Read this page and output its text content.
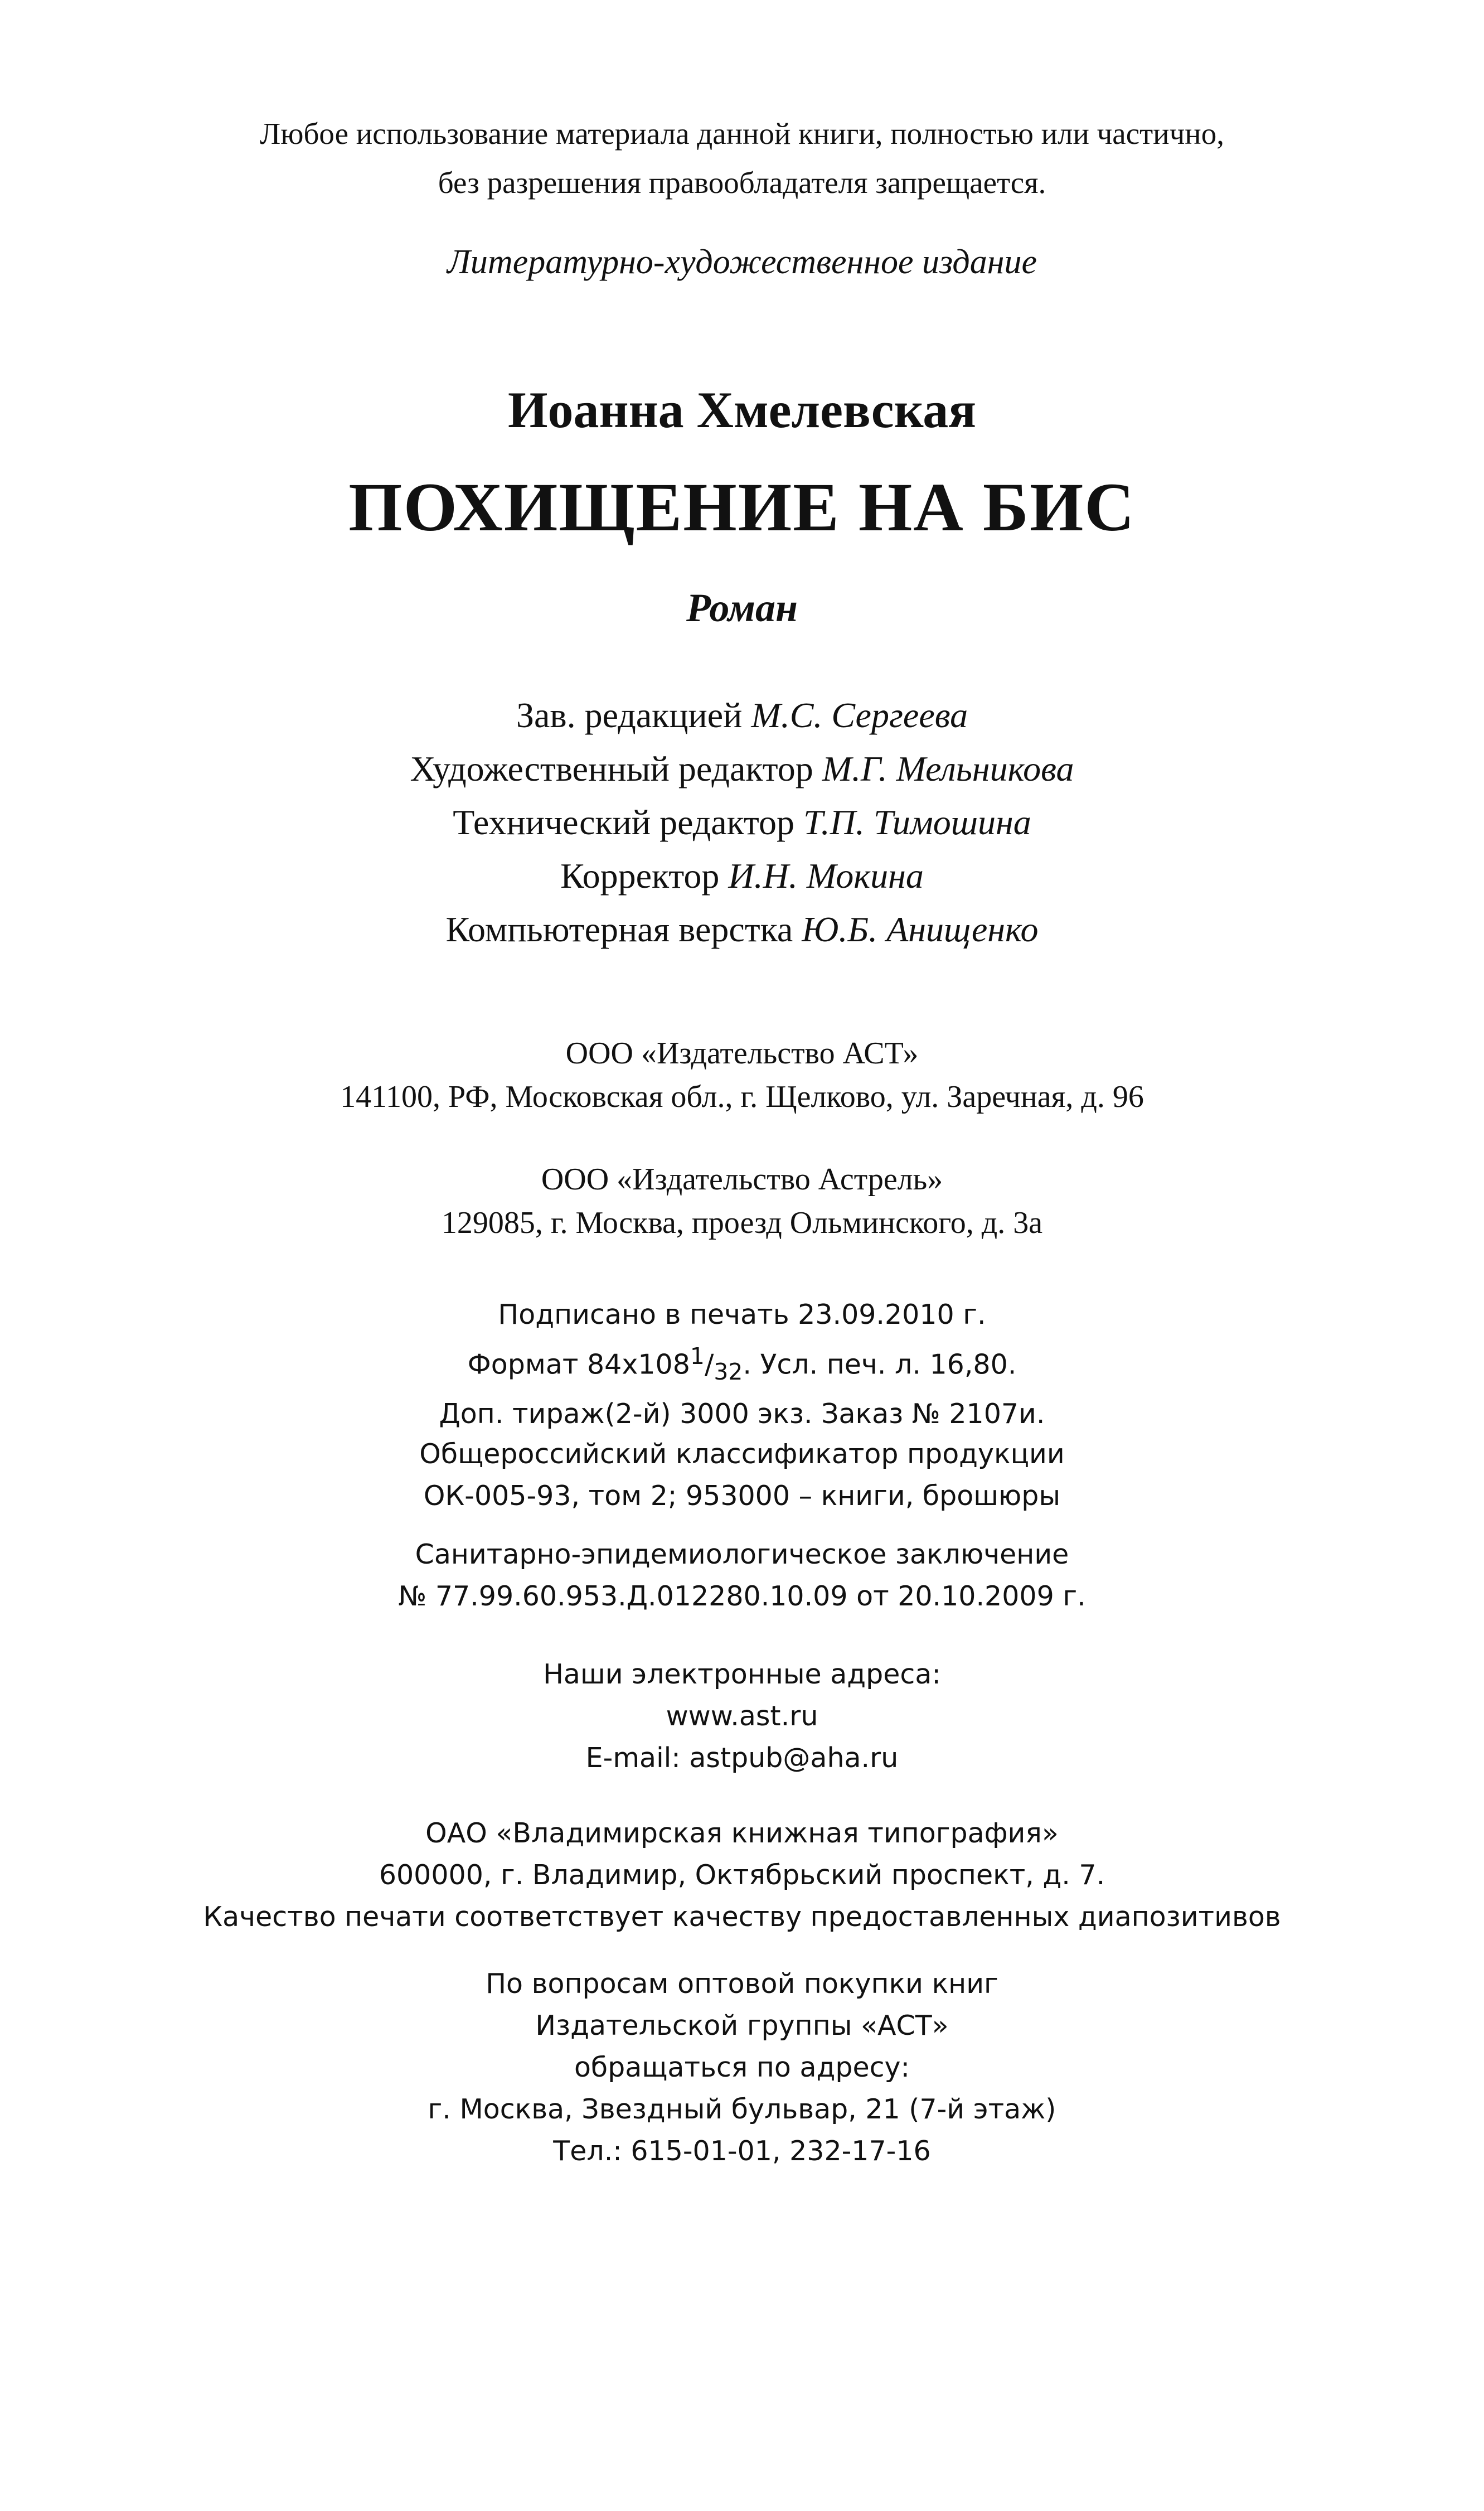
Любое использование материала данной книги, полностью или частично,
без разрешения правообладателя запрещается.
Литературно-художественное издание
Иоанна Хмелевская
ПОХИЩЕНИЕ НА БИС
Роман
Зав. редакцией М.С. Сергеева
Художественный редактор М.Г. Мельникова
Технический редактор Т.П. Тимошина
Корректор И.Н. Мокина
Компьютерная верстка Ю.Б. Анищенко
ООО «Издательство АСТ»
141100, РФ, Московская обл., г. Щелково, ул. Заречная, д. 96
ООО «Издательство Астрель»
129085, г. Москва, проезд Ольминского, д. 3а
Подписано в печать 23.09.2010 г.
Формат $84x108^1/_{32}$. Усл. печ. л. 16,80.
Доп. тираж(2-й) 3000 экз. Заказ № 2107и.
Общероссийский классификатор продукции
ОК-005-93, том 2; 953000 – книги, брошюры
Санитарно-эпидемиологическое заключение
№ 77.99.60.953.Д.012280.10.09 от 20.10.2009 г.
Наши электронные адреса:
www.ast.ru
E-mail: astpub@aha.ru
ОАО «Владимирская книжная типография»
600000, г. Владимир, Октябрьский проспект, д. 7.
Качество печати соответствует качеству предоставленных диапозитивов
По вопросам оптовой покупки книг
Издательской группы «АСТ»
обращаться по адресу:
г. Москва, Звездный бульвар, 21 (7-й этаж)
Тел.: 615-01-01, 232-17-16
